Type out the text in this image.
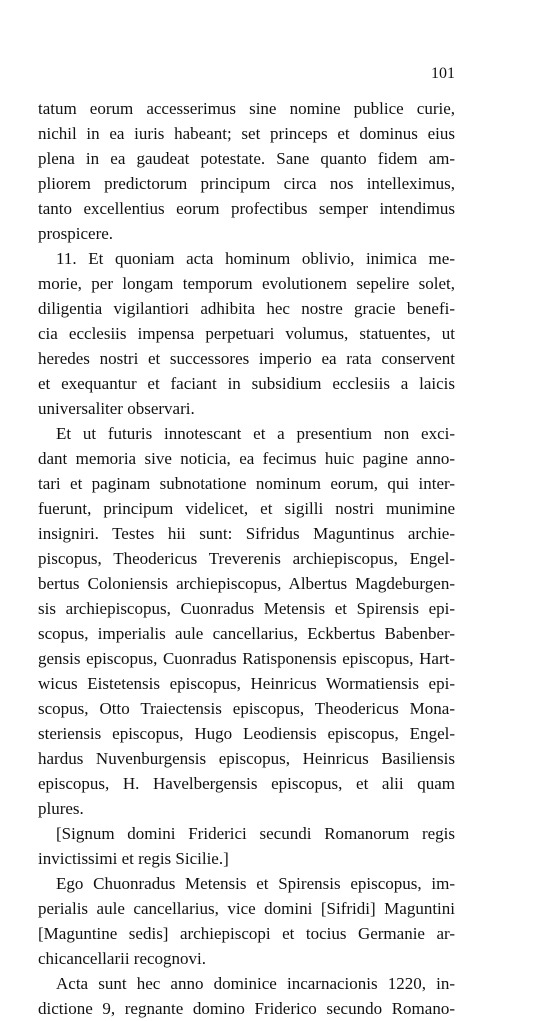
101
tatum eorum accesserimus sine nomine publice curie,
nichil in ea iuris habeant; set princeps et dominus eius
plena in ea gaudeat potestate. Sane quanto fidem am-
pliorem predictorum principum circa nos intelleximus,
tanto excellentius eorum profectibus semper intendimus
prospicere.
11. Et quoniam acta hominum oblivio, inimica me-
morie, per longam temporum evolutionem sepelire solet,
diligentia vigilantiori adhibita hec nostre gracie benefi-
cia ecclesiis impensa perpetuari volumus, statuentes, ut
heredes nostri et successores imperio ea rata conservent
et exequantur et faciant in subsidium ecclesiis a laicis
universaliter observari.
Et ut futuris innotescant et a presentium non exci-
dant memoria sive noticia, ea fecimus huic pagine anno-
tari et paginam subnotatione nominum eorum, qui inter-
fuerunt, principum videlicet, et sigilli nostri munimine
insigniri. Testes hii sunt: Sifridus Maguntinus archie-
piscopus, Theodericus Treverenis archiepiscopus, Engel-
bertus Coloniensis archiepiscopus, Albertus Magdeburgen-
sis archiepiscopus, Cuonradus Metensis et Spirensis epi-
scopus, imperialis aule cancellarius, Eckbertus Babenber-
gensis episcopus, Cuonradus Ratisponensis episcopus, Hart-
wicus Eistetensis episcopus, Heinricus Wormatiensis epi-
scopus, Otto Traiectensis episcopus, Theodericus Mona-
steriensis episcopus, Hugo Leodiensis episcopus, Engel-
hardus Nuvenburgensis episcopus, Heinricus Basiliensis
episcopus, H. Havelbergensis episcopus, et alii quam
plures.
[Signum domini Friderici secundi Romanorum regis
invictissimi et regis Sicilie.]
Ego Chuonradus Metensis et Spirensis episcopus, im-
perialis aule cancellarius, vice domini [Sifridi] Maguntini
[Maguntine sedis] archiepiscopi et tocius Germanie ar-
chicancellarii recognovi.
Acta sunt hec anno dominice incarnacionis 1220, in-
dictione 9, regnante domino Friderico secundo Romano-
